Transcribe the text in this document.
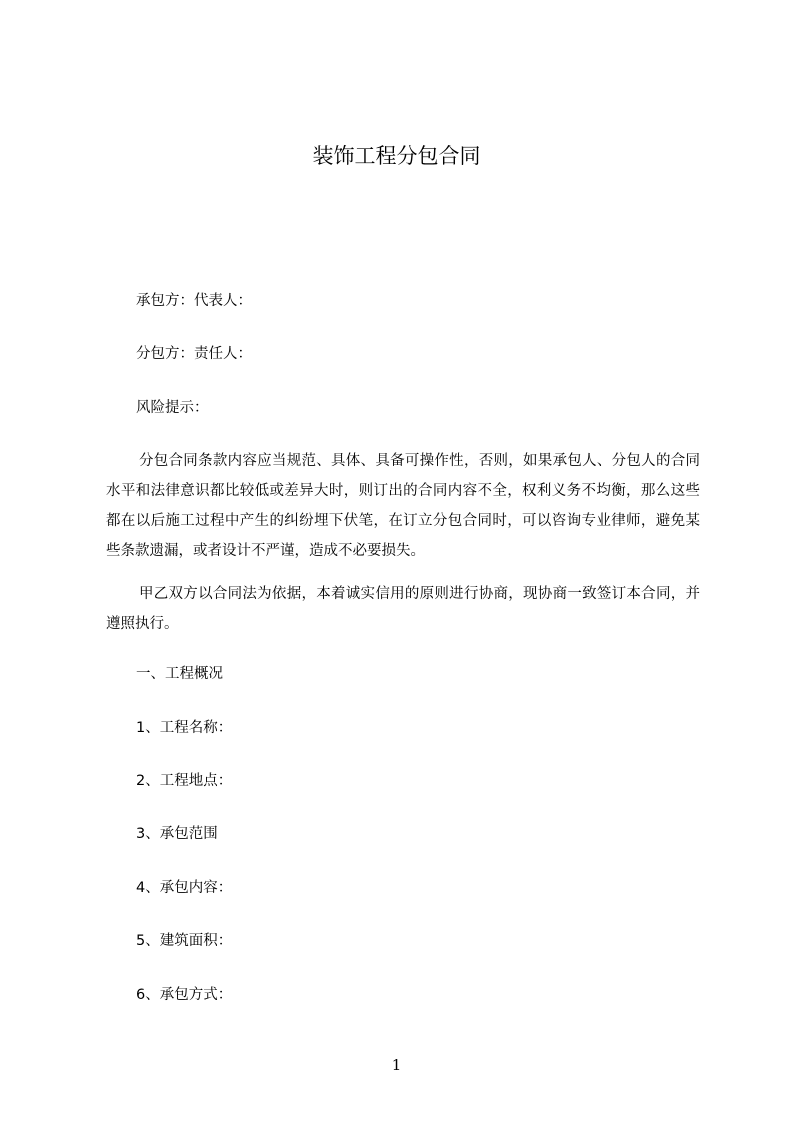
装饰工程分包合同
承包方：代表人：
分包方：责任人：
风险提示：
分包合同条款内容应当规范、具体、具备可操作性，否则，如果承包人、分包人的合同水平和法律意识都比较低或差异大时，则订出的合同内容不全，权利义务不均衡，那么这些都在以后施工过程中产生的纠纷埋下伏笔，在订立分包合同时，可以咨询专业律师，避免某些条款遗漏，或者设计不严谨，造成不必要损失。
甲乙双方以合同法为依据，本着诚实信用的原则进行协商，现协商一致签订本合同，并遵照执行。
一、工程概况
1、工程名称：
2、工程地点：
3、承包范围
4、承包内容：
5、建筑面积：
6、承包方式：
1
